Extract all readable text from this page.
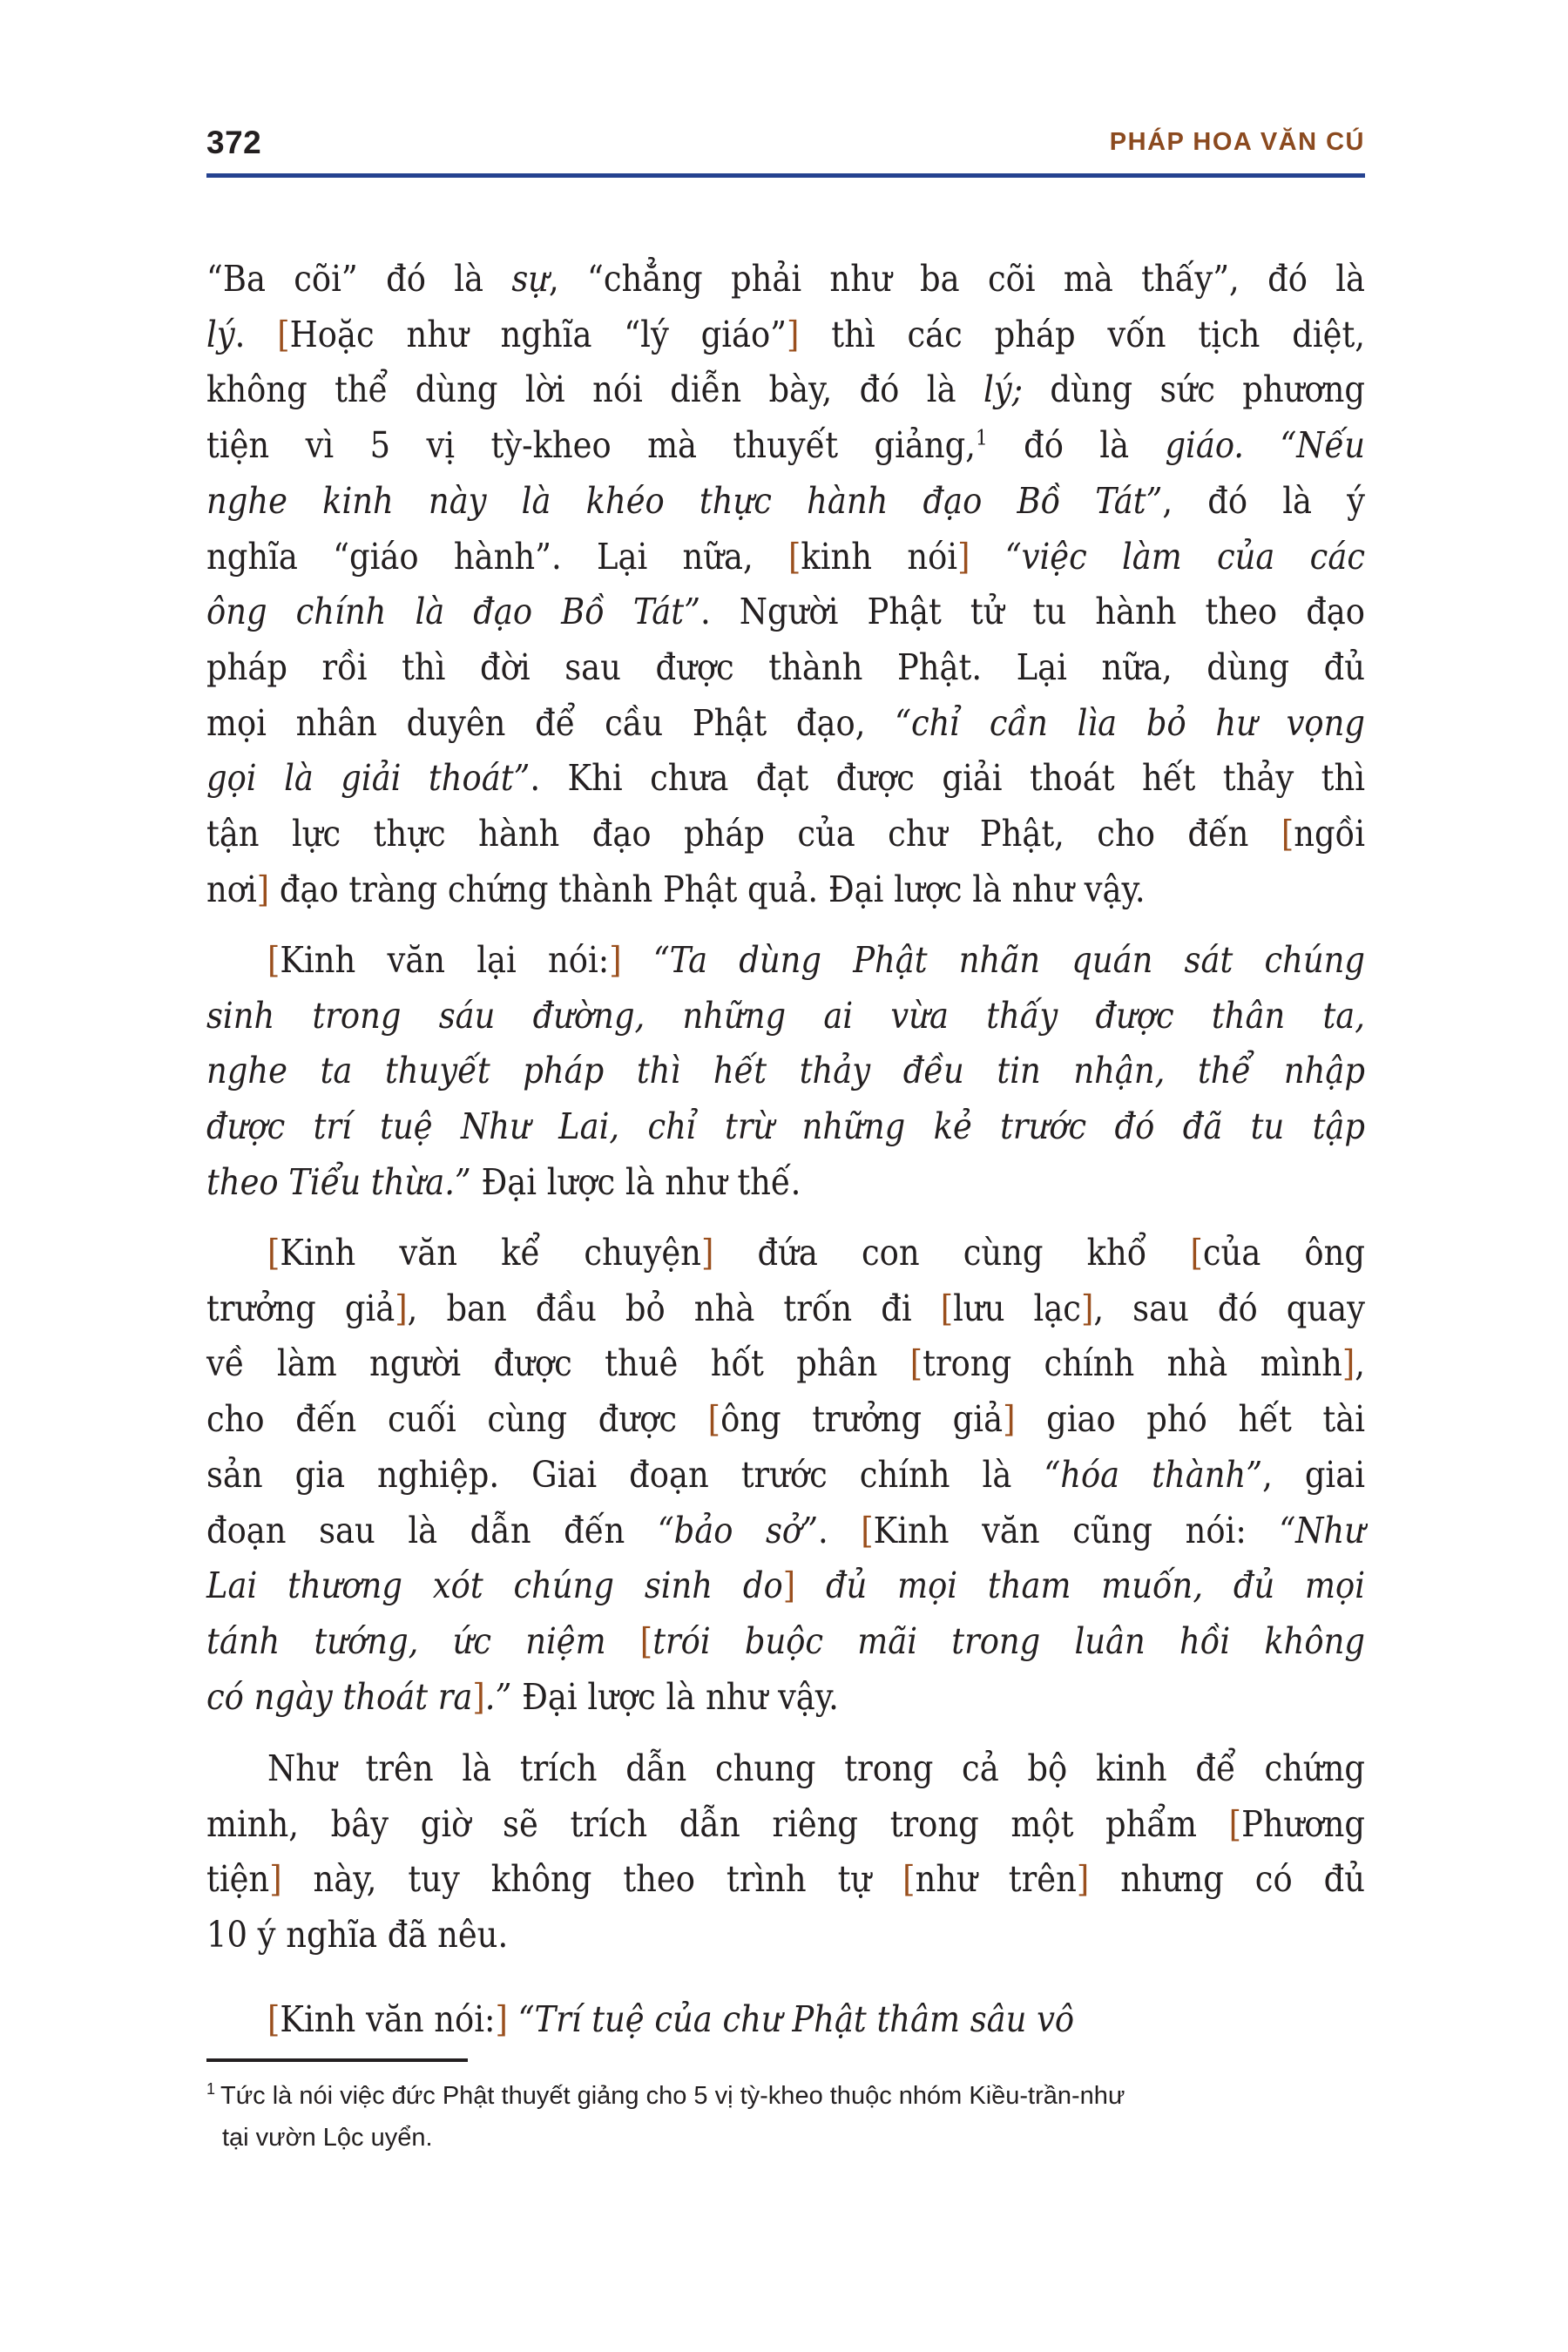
372	PHÁP HOA VĂN CÚ
“Ba cõi” đó là sự, “chẳng phải như ba cõi mà thấy”, đó là
lý. [Hoặc như nghĩa “lý giáo”] thì các pháp vốn tịch diệt,
không thể dùng lời nói diễn bày, đó là lý; dùng sức phương
tiện vì 5 vị tỳ-kheo mà thuyết giảng,$^1$ đó là giáo. “Nếu
nghe kinh này là khéo thực hành đạo Bồ Tát”, đó là ý
nghĩa “giáo hành”. Lại nữa, [kinh nói] “việc làm của các
ông chính là đạo Bồ Tát”. Người Phật tử tu hành theo đạo
pháp rồi thì đời sau được thành Phật. Lại nữa, dùng đủ
mọi nhân duyên để cầu Phật đạo, “chỉ cần lìa bỏ hư vọng
gọi là giải thoát”. Khi chưa đạt được giải thoát hết thảy thì
tận lực thực hành đạo pháp của chư Phật, cho đến [ngồi
nơi] đạo tràng chứng thành Phật quả. Đại lược là như vậy.
[Kinh văn lại nói:] “Ta dùng Phật nhãn quán sát chúng
sinh trong sáu đường, những ai vừa thấy được thân ta,
nghe ta thuyết pháp thì hết thảy đều tin nhận, thể nhập
được trí tuệ Như Lai, chỉ trừ những kẻ trước đó đã tu tập
theo Tiểu thừa.” Đại lược là như thế.
[Kinh văn kể chuyện] đứa con cùng khổ [của ông
trưởng giả], ban đầu bỏ nhà trốn đi [lưu lạc], sau đó quay
về làm người được thuê hốt phân [trong chính nhà mình],
cho đến cuối cùng được [ông trưởng giả] giao phó hết tài
sản gia nghiệp. Giai đoạn trước chính là “hóa thành”, giai
đoạn sau là dẫn đến “bảo sở”. [Kinh văn cũng nói: “Như
Lai thương xót chúng sinh do] đủ mọi tham muốn, đủ mọi
tánh tướng, ức niệm [trói buộc mãi trong luân hồi không
có ngày thoát ra].” Đại lược là như vậy.
Như trên là trích dẫn chung trong cả bộ kinh để chứng
minh, bây giờ sẽ trích dẫn riêng trong một phẩm [Phương
tiện] này, tuy không theo trình tự [như trên] nhưng có đủ
10 ý nghĩa đã nêu.
[Kinh văn nói:] “Trí tuệ của chư Phật thâm sâu vô
$^1$ Tức là nói việc đức Phật thuyết giảng cho 5 vị tỳ-kheo thuộc nhóm Kiều-trần-như
tại vườn Lộc uyển.
